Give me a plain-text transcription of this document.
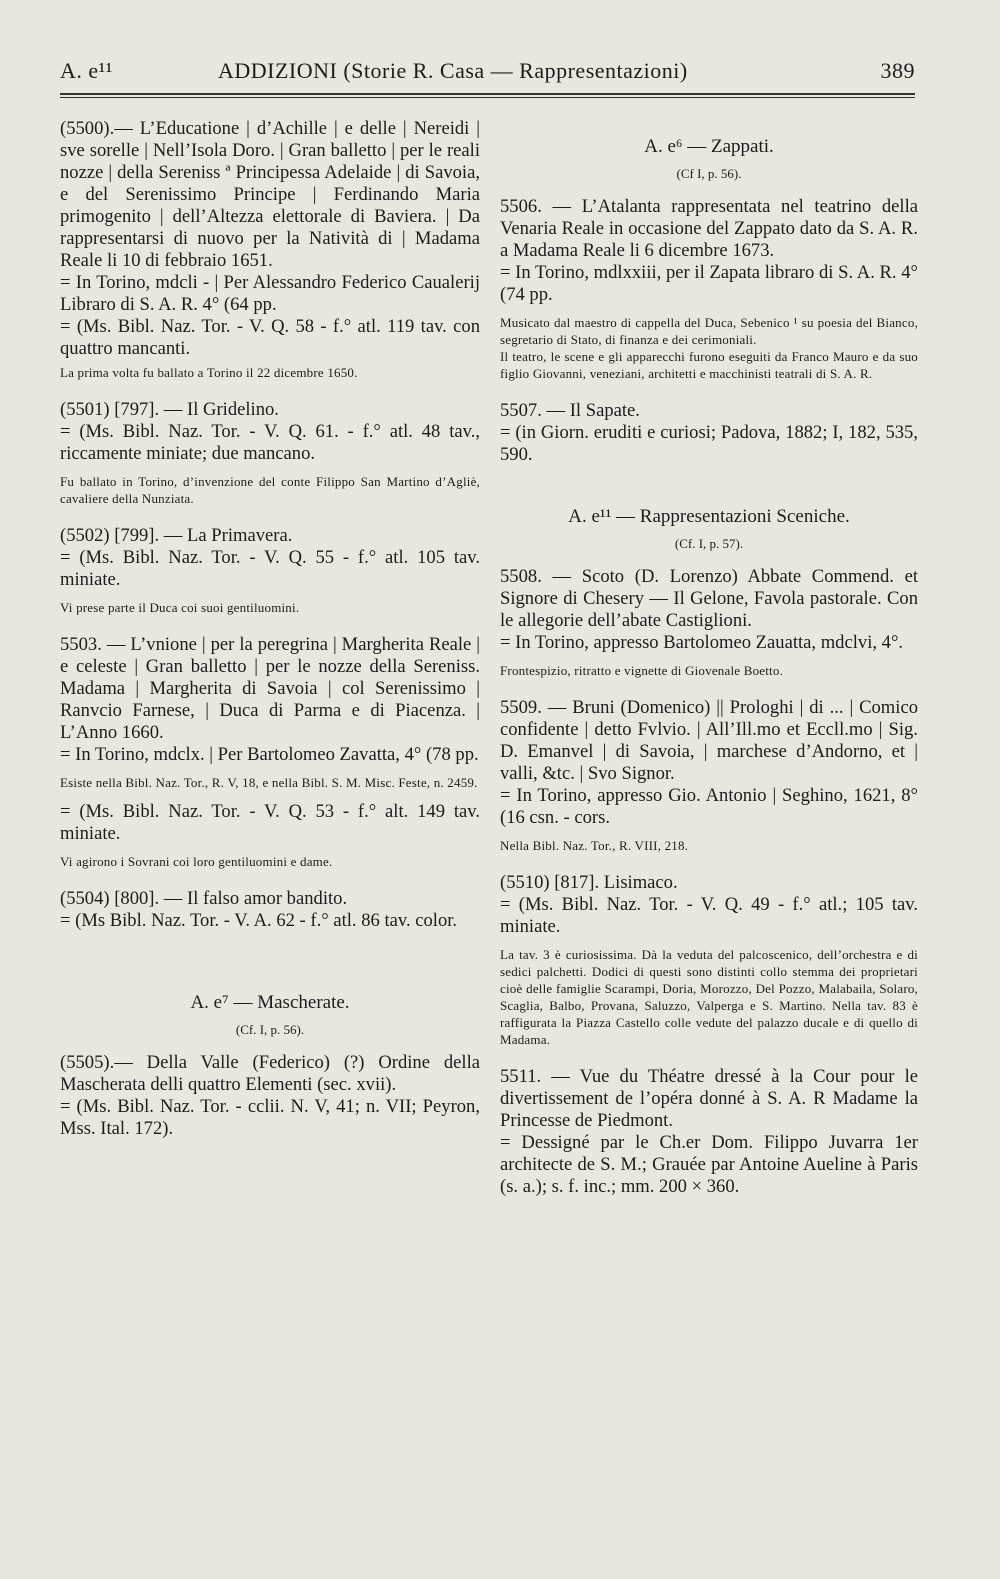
A. e¹¹	ADDIZIONI (Storie R. Casa — Rappresentazioni)	389

(5500).— L’Educatione | d’Achille | e delle | Nereidi | sve sorelle | Nell’Isola Doro. | Gran balletto | per le reali nozze | della Sereniss ª Principessa Adelaide | di Savoia, e del Serenissimo Principe | Ferdinando Maria primogenito | dell’Altezza elettorale di Baviera. | Da rappresentarsi di nuovo per la Natività di | Madama Reale li 10 di febbraio 1651.

= In Torino, mdcli - | Per Alessandro Federico Caualerij Libraro di S. A. R. 4° (64 pp.

= (Ms. Bibl. Naz. Tor. - V. Q. 58 - f.° atl. 119 tav. con quattro mancanti.

La prima volta fu ballato a Torino il 22 dicembre 1650.

(5501) [797]. — Il Gridelino.

= (Ms. Bibl. Naz. Tor. - V. Q. 61. - f.° atl. 48 tav., riccamente miniate; due mancano.

Fu ballato in Torino, d’invenzione del conte Filippo San Martino d’Agliè, cavaliere della Nunziata.

(5502) [799]. — La Primavera.

= (Ms. Bibl. Naz. Tor. - V. Q. 55 - f.° atl. 105 tav. miniate.

Vi prese parte il Duca coi suoi gentiluomini.

5503. — L’vnione | per la peregrina | Margherita Reale | e celeste | Gran balletto | per le nozze della Sereniss. Madama | Margherita di Savoia | col Serenissimo | Ranvcio Farnese, | Duca di Parma e di Piacenza. | L’Anno 1660.

= In Torino, mdclx. | Per Bartolomeo Zavatta, 4° (78 pp.

Esiste nella Bibl. Naz. Tor., R. V, 18, e nella Bibl. S. M. Misc. Feste, n. 2459.

= (Ms. Bibl. Naz. Tor. - V. Q. 53 - f.° alt. 149 tav. miniate.

Vi agirono i Sovrani coi loro gentiluomini e dame.

(5504) [800]. — Il falso amor bandito.

= (Ms Bibl. Naz. Tor. - V. A. 62 - f.° atl. 86 tav. color.

A. e⁷ — Mascherate.

(Cf. I, p. 56).

(5505).— Della Valle (Federico) (?) Ordine della Mascherata delli quattro Elementi (sec. xvii).

= (Ms. Bibl. Naz. Tor. - cclii. N. V, 41; n. VII; Peyron, Mss. Ital. 172).

A. e⁶ — Zappati.

(Cf I, p. 56).

5506. — L’Atalanta rappresentata nel teatrino della Venaria Reale in occasione del Zappato dato da S. A. R. a Madama Reale li 6 dicembre 1673.

= In Torino, mdlxxiii, per il Zapata libraro di S. A. R. 4° (74 pp.

Musicato dal maestro di cappella del Duca, Sebenico ¹ su poesia del Bianco, segretario di Stato, di finanza e dei cerimoniali.

Il teatro, le scene e gli apparecchi furono eseguiti da Franco Mauro e da suo figlio Giovanni, veneziani, architetti e macchinisti teatrali di S. A. R.

5507. — Il Sapate.

= (in Giorn. eruditi e curiosi; Padova, 1882; I, 182, 535, 590.

A. e¹¹ — Rappresentazioni Sceniche.

(Cf. I, p. 57).

5508. — Scoto (D. Lorenzo) Abbate Commend. et Signore di Chesery — Il Gelone, Favola pastorale. Con le allegorie dell’abate Castiglioni.

= In Torino, appresso Bartolomeo Zauatta, mdclvi, 4°.

Frontespizio, ritratto e vignette di Giovenale Boetto.

5509. — Bruni (Domenico) || Prologhi | di ... | Comico confidente | detto Fvlvio. | All’Ill.mo et Eccll.mo | Sig. D. Emanvel | di Savoia, | marchese d’Andorno, et | valli, &tc. | Svo Signor.

= In Torino, appresso Gio. Antonio | Seghino, 1621, 8° (16 csn. - cors.

Nella Bibl. Naz. Tor., R. VIII, 218.

(5510) [817]. Lisimaco.

= (Ms. Bibl. Naz. Tor. - V. Q. 49 - f.° atl.; 105 tav. miniate.

La tav. 3 è curiosissima. Dà la veduta del palcoscenico, dell’orchestra e di sedici palchetti. Dodici di questi sono distinti collo stemma dei proprietari cioè delle famiglie Scarampi, Doria, Morozzo, Del Pozzo, Malabaila, Solaro, Scaglia, Balbo, Provana, Saluzzo, Valperga e S. Martino. Nella tav. 83 è raffigurata la Piazza Castello colle vedute del palazzo ducale e di quello di Madama.

5511. — Vue du Théatre dressé à la Cour pour le divertissement de l’opéra donné à S. A. R Madame la Princesse de Piedmont.

= Dessigné par le Ch.er Dom. Filippo Juvarra 1er architecte de S. M.; Grauée par Antoine Aueline à Paris (s. a.); s. f. inc.; mm. 200 × 360.
